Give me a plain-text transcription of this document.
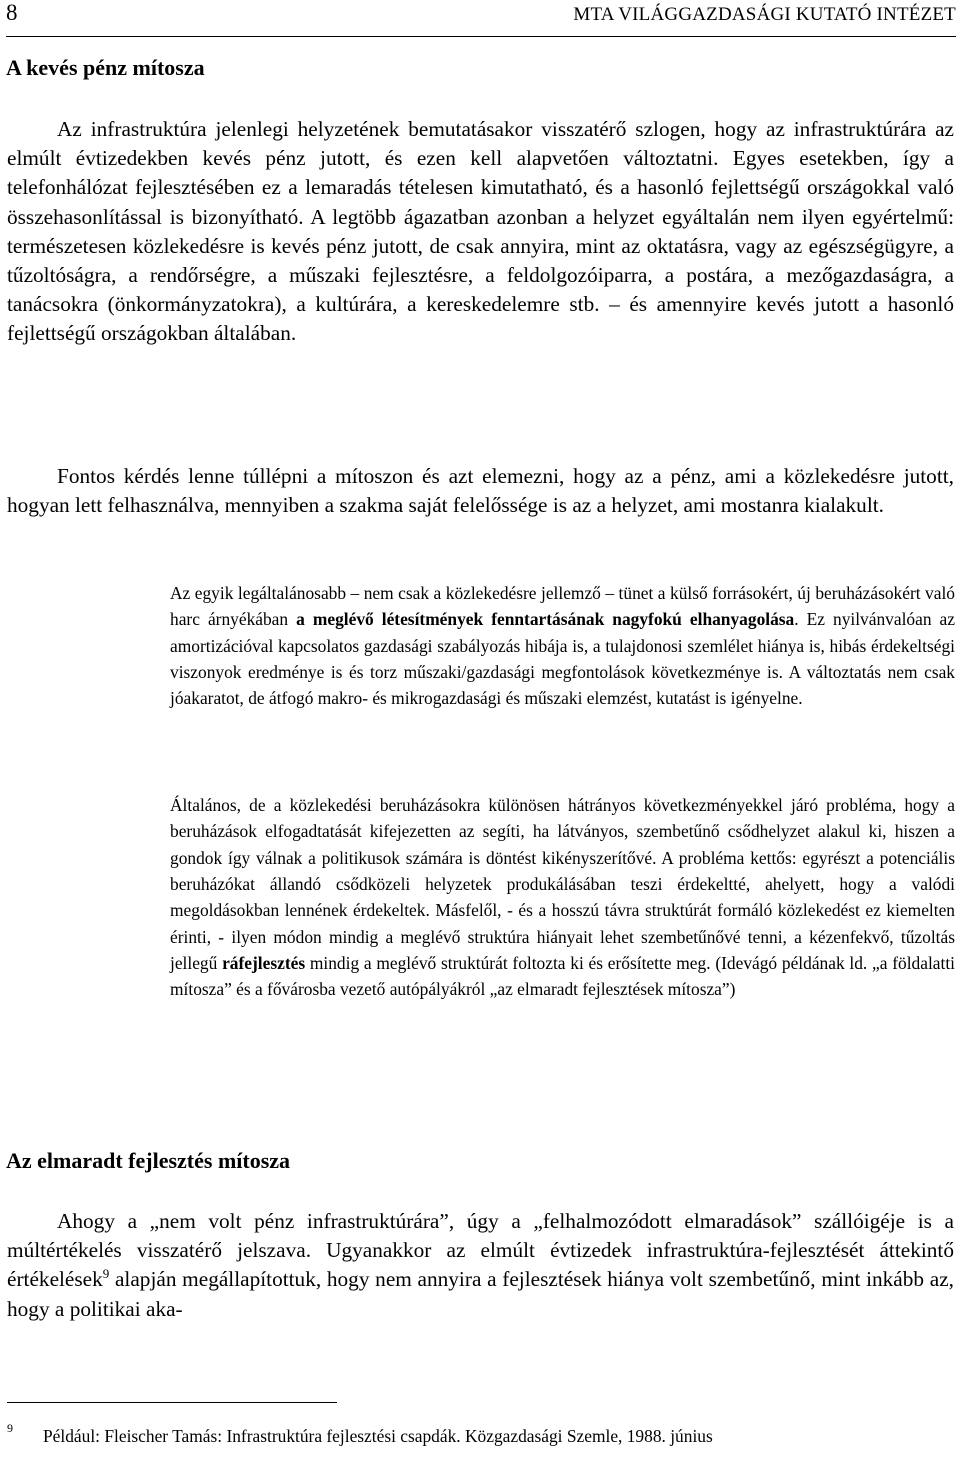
8	MTA VILÁGGAZDASÁGI KUTATÓ INTÉZET
A kevés pénz mítosza

Az infrastruktúra jelenlegi helyzetének bemutatásakor visszatérő szlogen, hogy az infrastruktúrára az elmúlt évtizedekben kevés pénz jutott, és ezen kell alapvetően változtatni. Egyes esetekben, így a telefonhálózat fejlesztésében ez a lemaradás tételesen kimutatható, és a hasonló fejlettségű országokkal való összehasonlítással is bizonyítható. A legtöbb ágazatban azonban a helyzet egyáltalán nem ilyen egyértelmű: természetesen közlekedésre is kevés pénz jutott, de csak annyira, mint az oktatásra, vagy az egészségügyre, a tűzoltóságra, a rendőrségre, a műszaki fejlesztésre, a feldolgozóiparra, a postára, a mezőgazdaságra, a tanácsokra (önkormányzatokra), a kultúrára, a kereskedelemre stb. – és amennyire kevés jutott a hasonló fejlettségű országokban általában.

Fontos kérdés lenne túllépni a mítoszon és azt elemezni, hogy az a pénz, ami a közlekedésre jutott, hogyan lett felhasználva, mennyiben a szakma saját felelőssége is az a helyzet, ami mostanra kialakult.

Az egyik legáltalánosabb – nem csak a közlekedésre jellemző – tünet a külső forrásokért, új beruházásokért való harc árnyékában a meglévő létesítmények fenntartásának nagyfokú elhanyagolása. Ez nyilvánvalóan az amortizációval kapcsolatos gazdasági szabályozás hibája is, a tulajdonosi szemlélet hiánya is, hibás érdekeltségi viszonyok eredménye is és torz műszaki/gazdasági megfontolások következménye is. A változtatás nem csak jóakaratot, de átfogó makro- és mikrogazdasági és műszaki elemzést, kutatást is igényelne.

Általános, de a közlekedési beruházásokra különösen hátrányos következményekkel járó probléma, hogy a beruházások elfogadtatását kifejezetten az segíti, ha látványos, szembetűnő csődhelyzet alakul ki, hiszen a gondok így válnak a politikusok számára is döntést kikényszerítővé. A probléma kettős: egyrészt a potenciális beruházókat állandó csődközeli helyzetek produkálásában teszi érdekeltté, ahelyett, hogy a valódi megoldásokban lennének érdekeltek. Másfelől, - és a hosszú távra struktúrát formáló közlekedést ez kiemelten érinti, - ilyen módon mindig a meglévő struktúra hiányait lehet szembetűnővé tenni, a kézenfekvő, tűzoltás jellegű ráfejlesztés mindig a meglévő struktúrát foltozta ki és erősítette meg. (Idevágó példának ld. „a földalatti mítosza” és a fővárosba vezető autópályákról „az elmaradt fejlesztések mítosza”)

Az elmaradt fejlesztés mítosza

Ahogy a „nem volt pénz infrastruktúrára”, úgy a „felhalmozódott elmaradások” szállóigéje is a múltértékelés visszatérő jelszava. Ugyanakkor az elmúlt évtizedek infrastruktúra-fejlesztését áttekintő értékelések$^9$ alapján megállapítottuk, hogy nem annyira a fejlesztések hiánya volt szembetűnő, mint inkább az, hogy a politikai aka-

9 Például: Fleischer Tamás: Infrastruktúra fejlesztési csapdák. Közgazdasági Szemle, 1988. június
